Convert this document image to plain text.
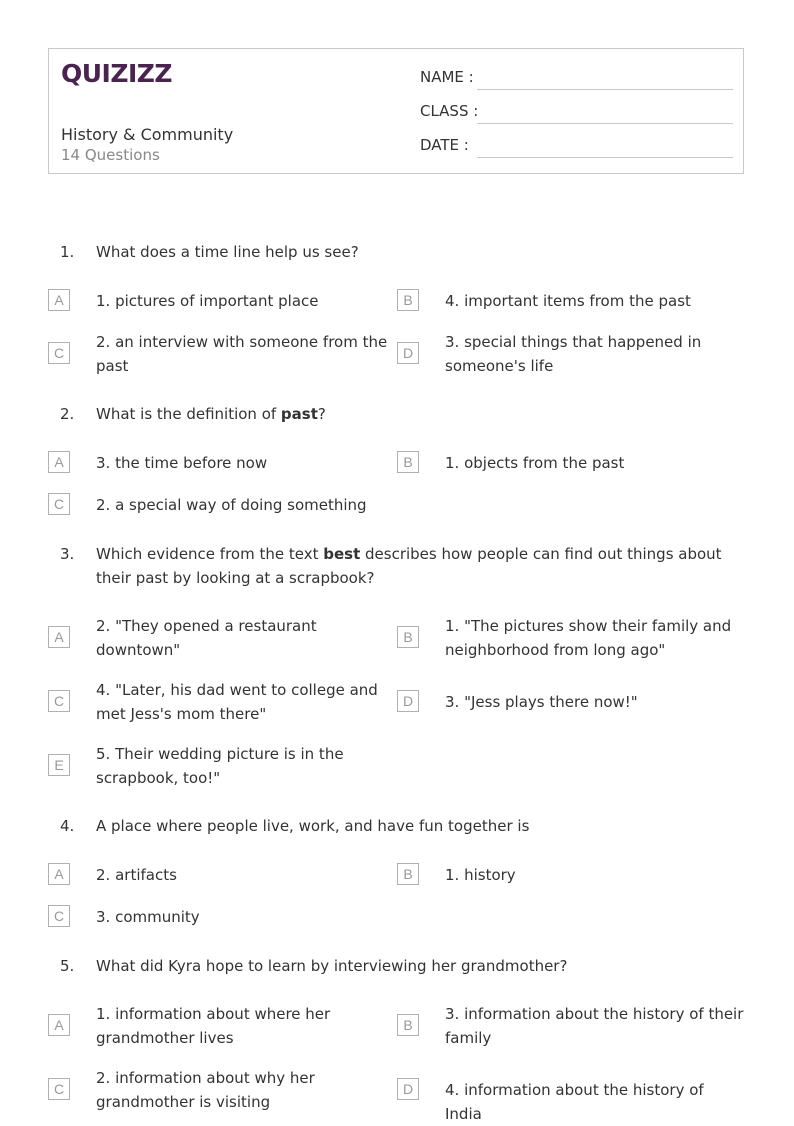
QUIZIZZ
History & Community
14 Questions
NAME :
CLASS :
DATE :
1. What does a time line help us see?
A	1. pictures of important place	B	4. important items from the past
C
2. an interview with someone from the past
D
3. special things that happened in someone's life
2. What is the definition of past?
A	3. the time before now	B	1. objects from the past
C	2. a special way of doing something
3. Which evidence from the text best describes how people can find out things about their past by looking at a scrapbook?
A
2. "They opened a restaurant downtown"
B
1. "The pictures show their family and neighborhood from long ago"
C
4. "Later, his dad went to college and met Jess's mom there"
D	3. "Jess plays there now!"
E
5. Their wedding picture is in the scrapbook, too!"
4. A place where people live, work, and have fun together is
A	2. artifacts	B	1. history
C	3. community
5. What did Kyra hope to learn by interviewing her grandmother?
A
1. information about where her grandmother lives
B
3. information about the history of their family
C
2. information about why her grandmother is visiting
D	4. information about the history of India
